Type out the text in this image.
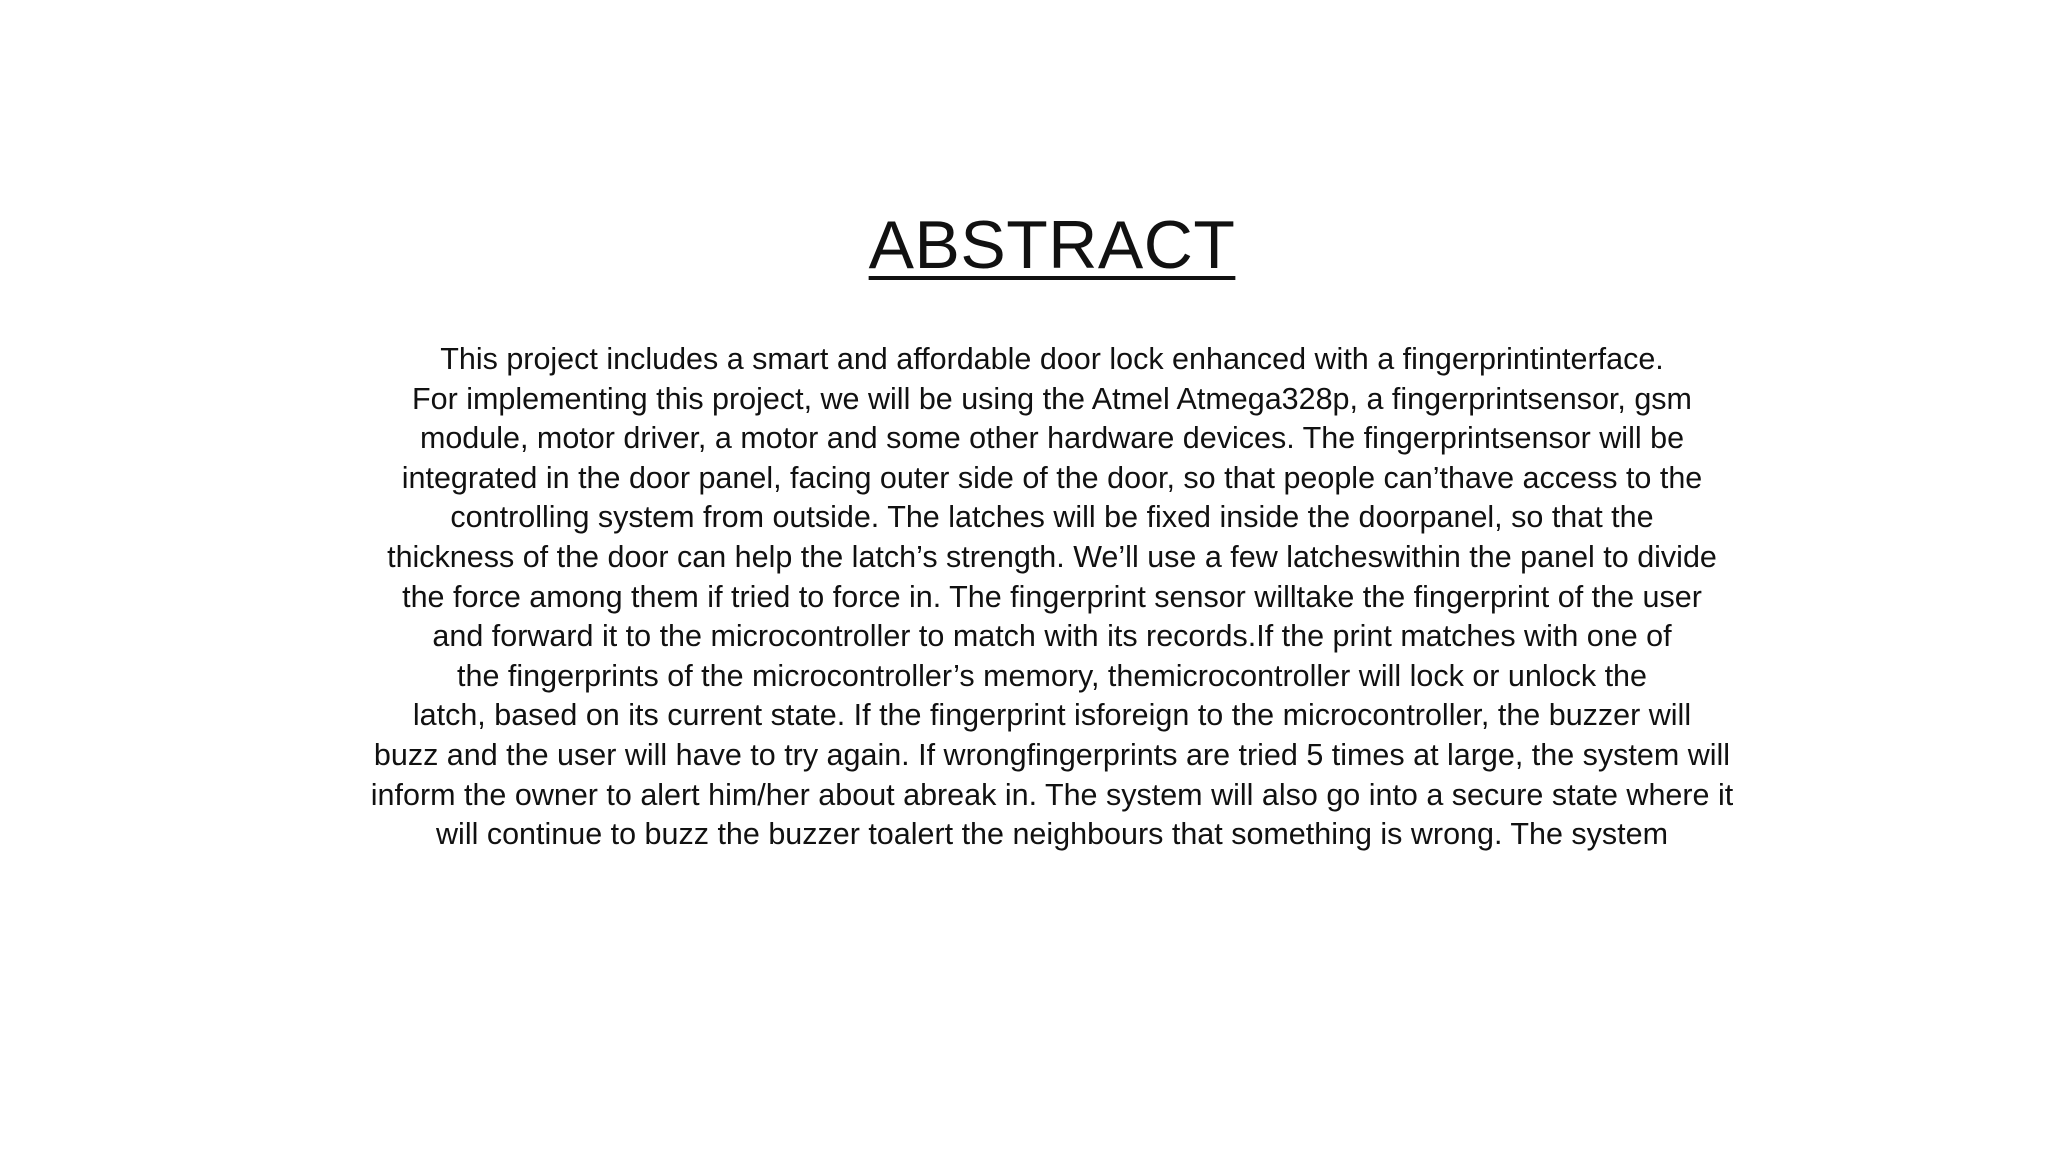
ABSTRACT
This project includes a smart and affordable door lock enhanced with a fingerprintinterface.
For implementing this project, we will be using the Atmel Atmega328p, a fingerprintsensor, gsm
module, motor driver, a motor and some other hardware devices. The fingerprintsensor will be
integrated in the door panel, facing outer side of the door, so that people can’thave access to the
controlling system from outside. The latches will be fixed inside the doorpanel, so that the
thickness of the door can help the latch’s strength. We’ll use a few latcheswithin the panel to divide
the force among them if tried to force in. The fingerprint sensor willtake the fingerprint of the user
and forward it to the microcontroller to match with its records.If the print matches with one of
the fingerprints of the microcontroller’s memory, themicrocontroller will lock or unlock the
latch, based on its current state. If the fingerprint isforeign to the microcontroller, the buzzer will
buzz and the user will have to try again. If wrongfingerprints are tried 5 times at large, the system will
inform the owner to alert him/her about abreak in. The system will also go into a secure state where it
will continue to buzz the buzzer toalert the neighbours that something is wrong. The system
